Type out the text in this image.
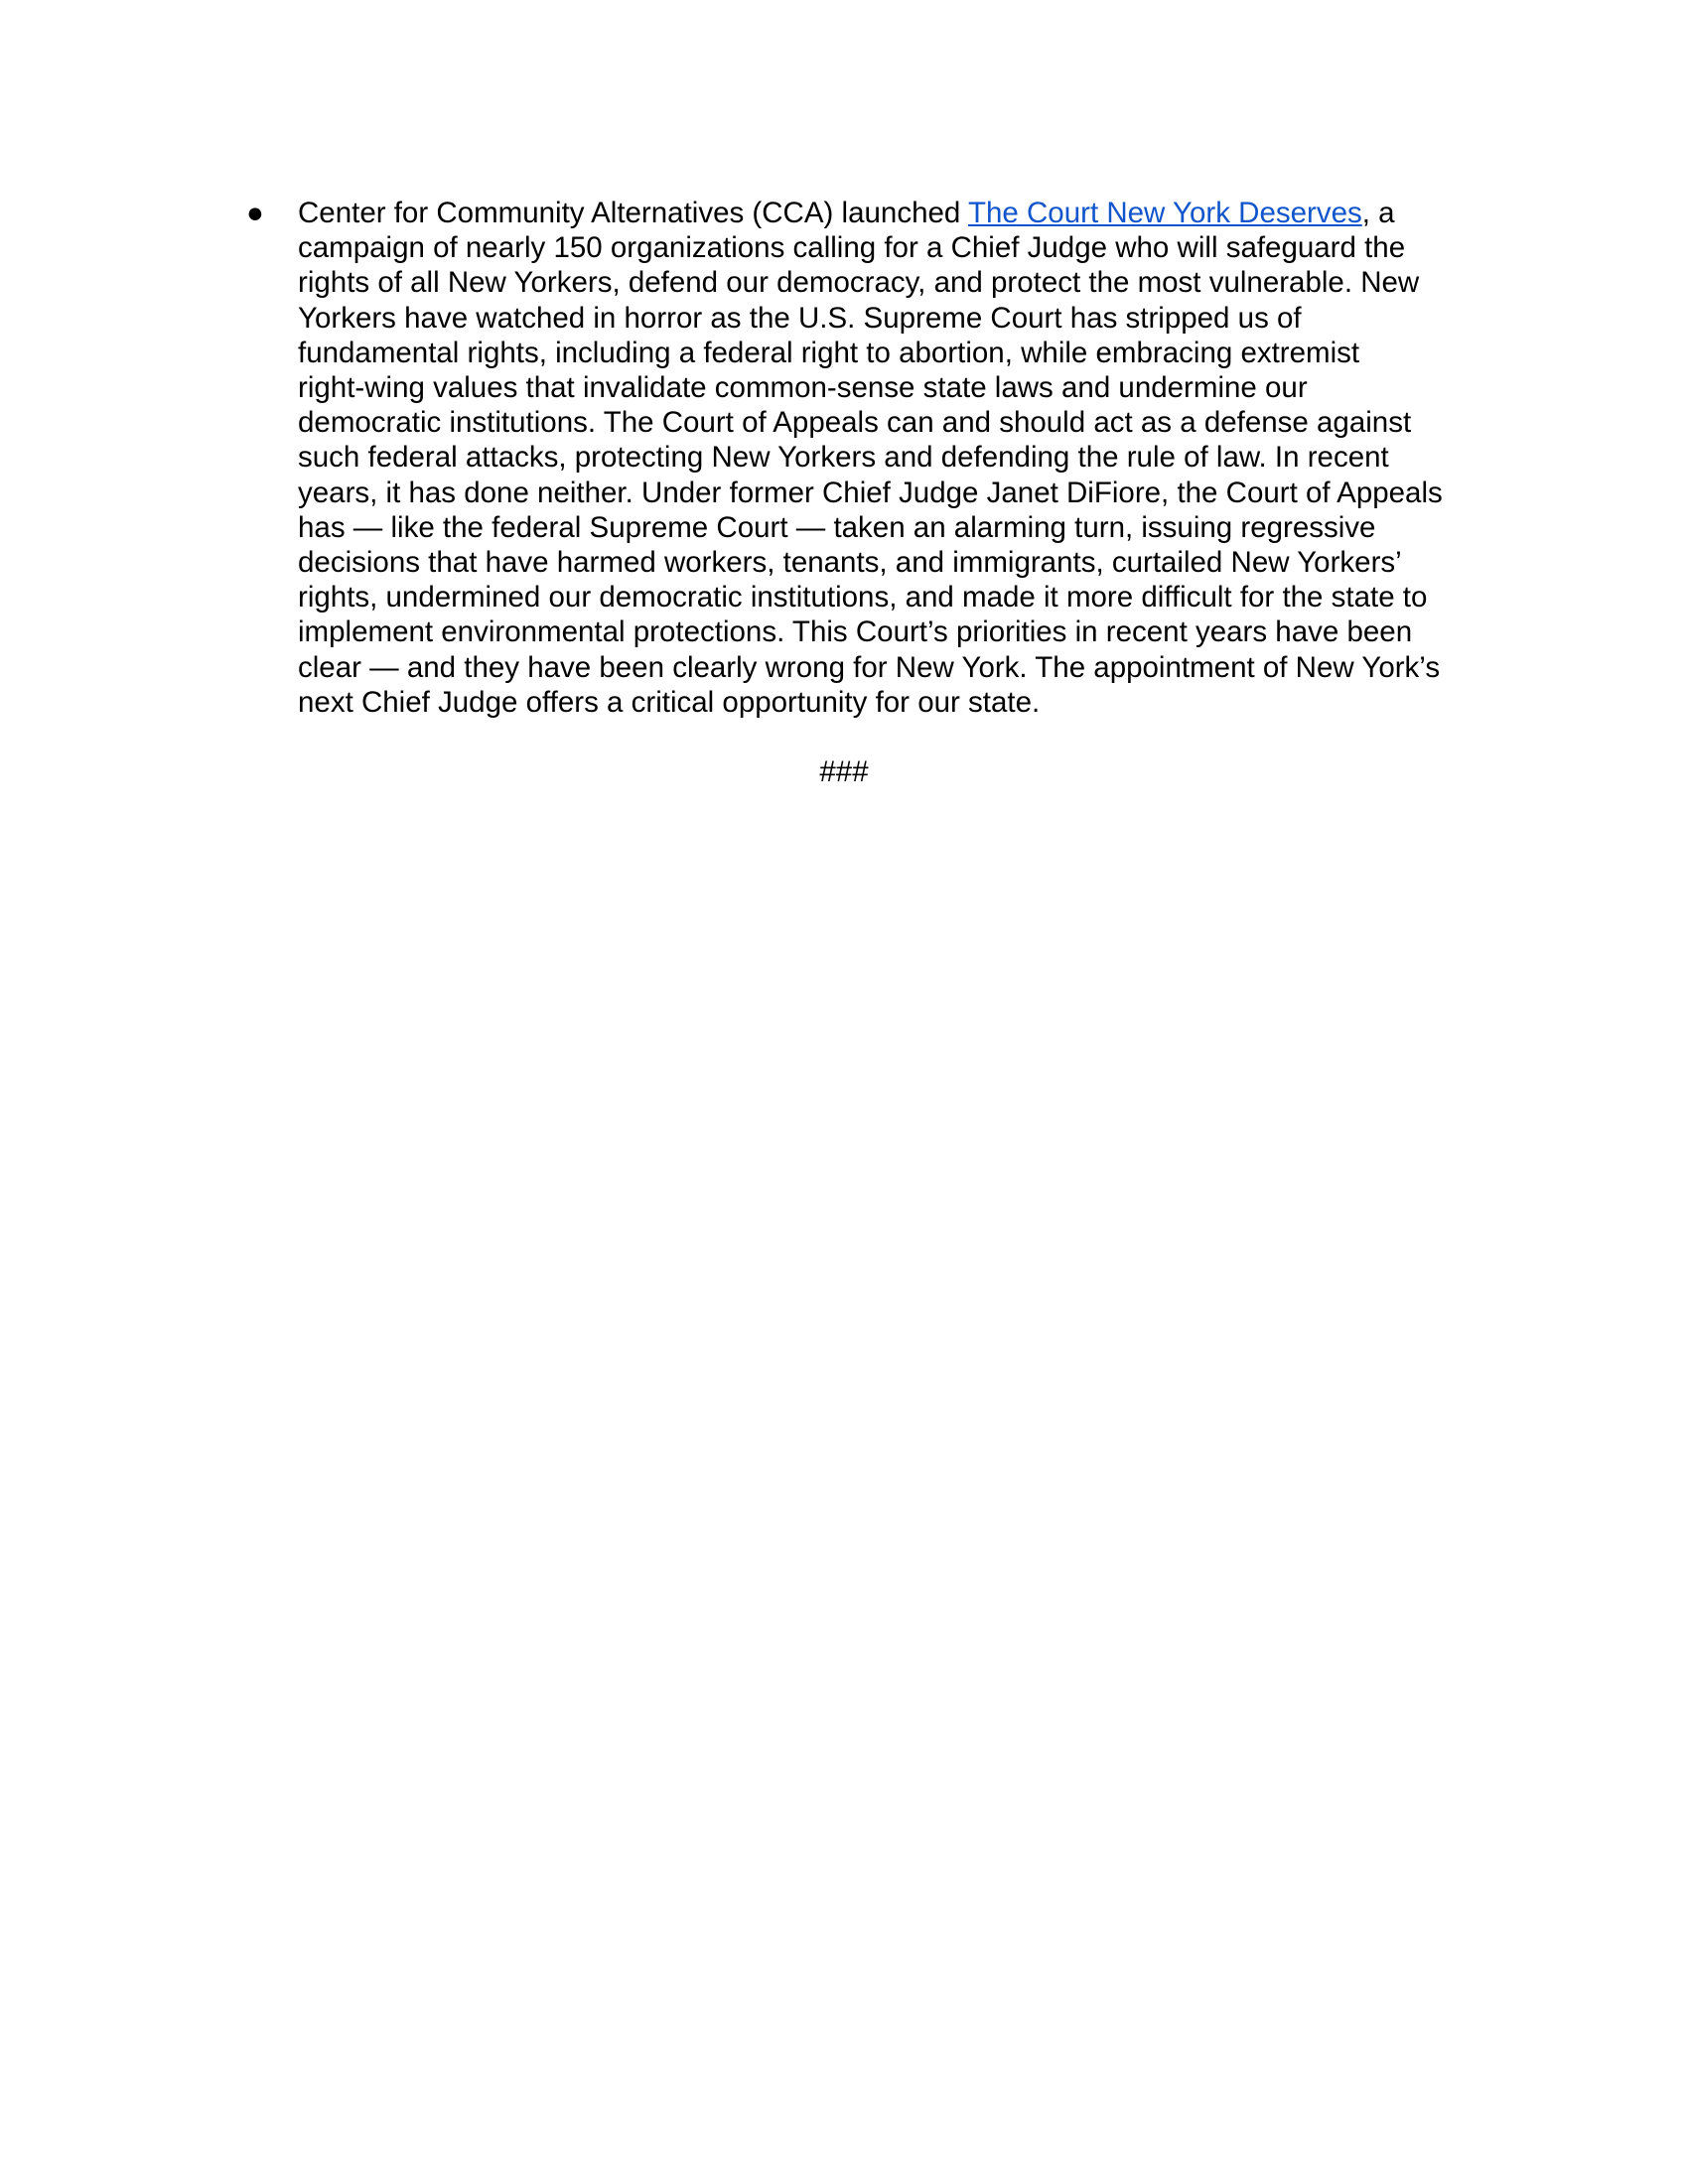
●	Center for Community Alternatives (CCA) launched The Court New York Deserves, a
campaign of nearly 150 organizations calling for a Chief Judge who will safeguard the
rights of all New Yorkers, defend our democracy, and protect the most vulnerable. New
Yorkers have watched in horror as the U.S. Supreme Court has stripped us of
fundamental rights, including a federal right to abortion, while embracing extremist
right-wing values that invalidate common-sense state laws and undermine our
democratic institutions. The Court of Appeals can and should act as a defense against
such federal attacks, protecting New Yorkers and defending the rule of law. In recent
years, it has done neither. Under former Chief Judge Janet DiFiore, the Court of Appeals
has — like the federal Supreme Court — taken an alarming turn, issuing regressive
decisions that have harmed workers, tenants, and immigrants, curtailed New Yorkers’
rights, undermined our democratic institutions, and made it more difficult for the state to
implement environmental protections. This Court’s priorities in recent years have been
clear — and they have been clearly wrong for New York. The appointment of New York’s
next Chief Judge offers a critical opportunity for our state.
###
